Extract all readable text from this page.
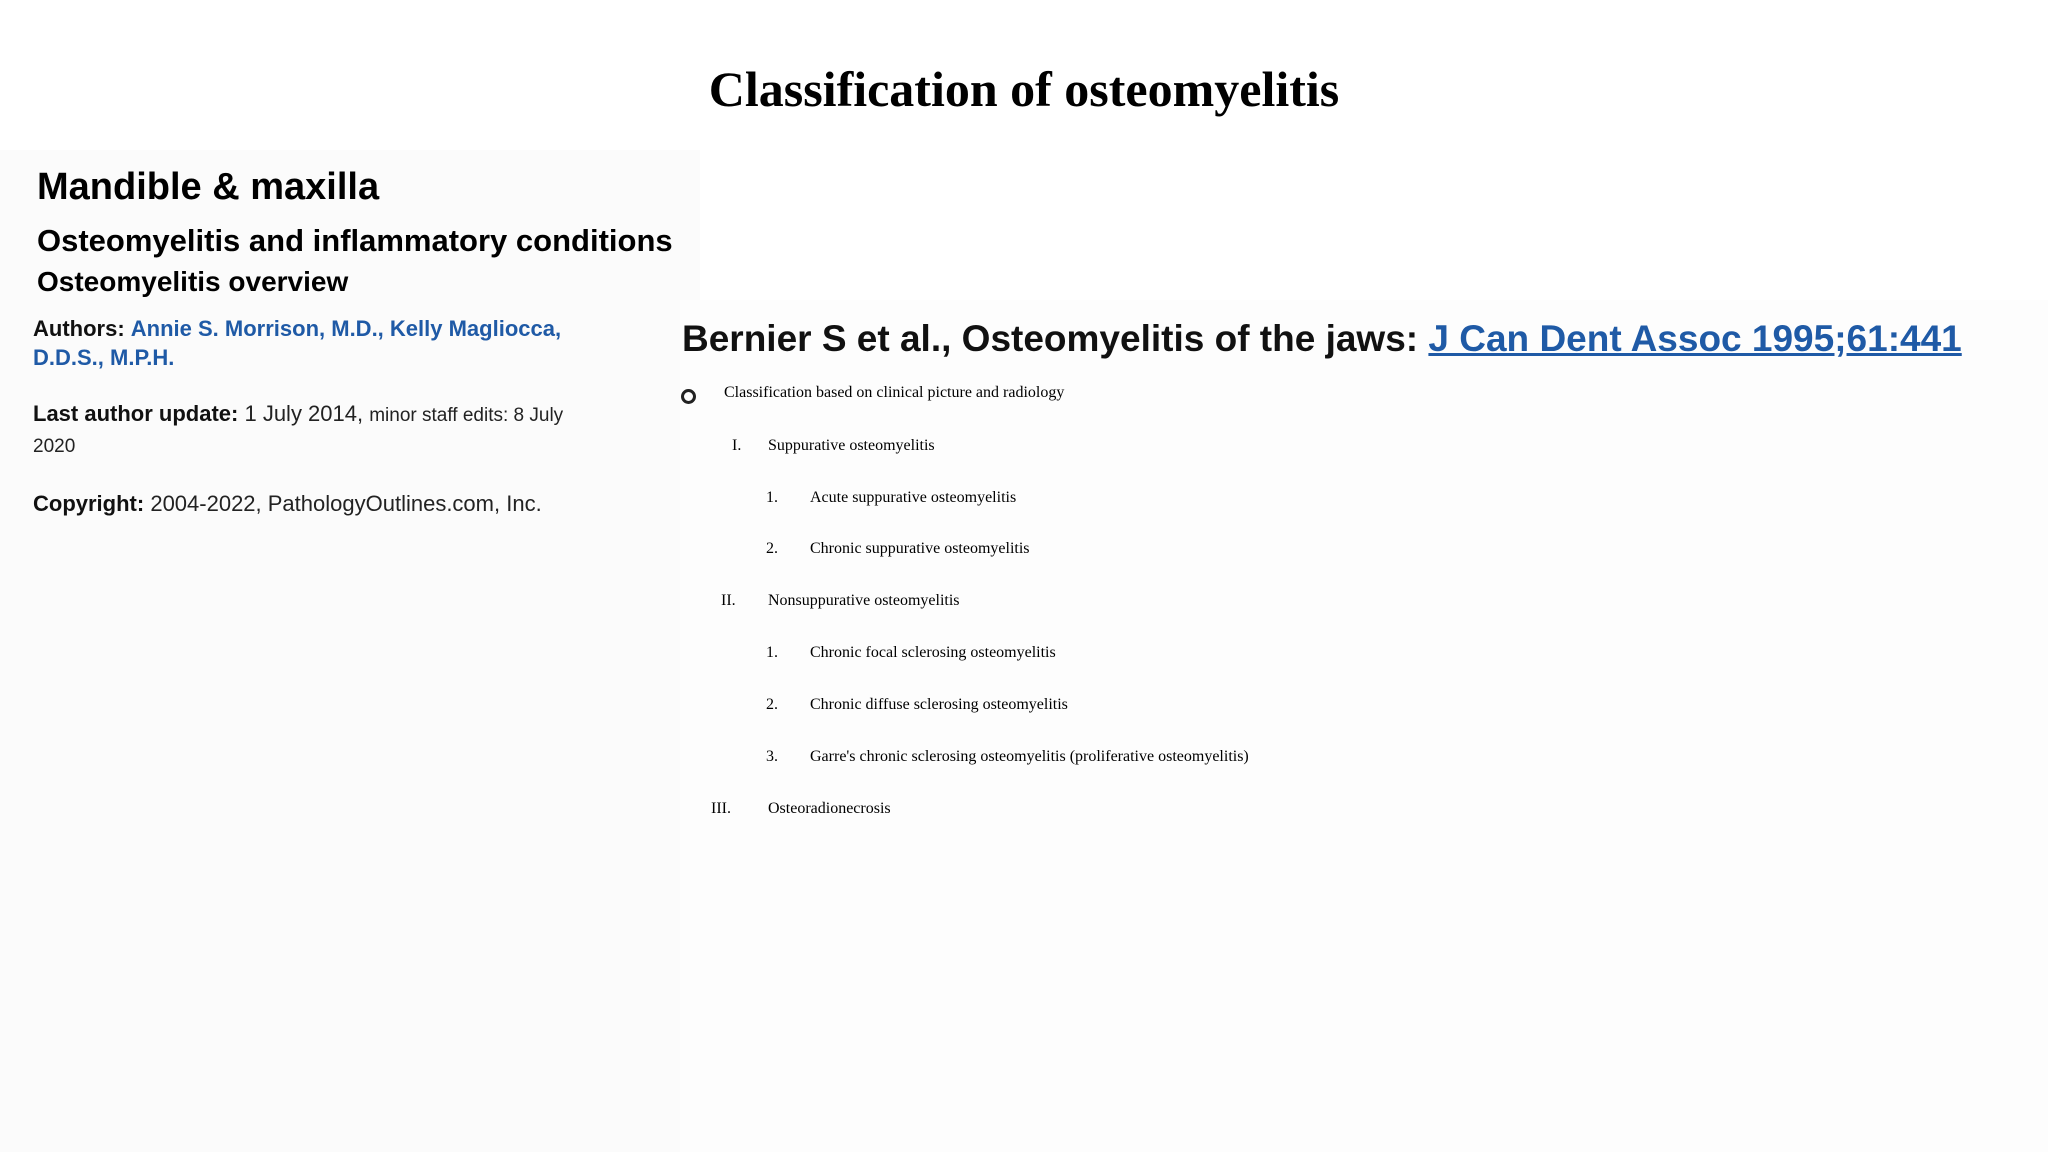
Classification of osteomyelitis
Mandible & maxilla
Osteomyelitis and inflammatory conditions
Osteomyelitis overview
Authors: Annie S. Morrison, M.D., Kelly Magliocca,
D.D.S., M.P.H.
Last author update: 1 July 2014, minor staff edits: 8 July
2020
Copyright: 2004-2022, PathologyOutlines.com, Inc.
Bernier S et al., Osteomyelitis of the jaws: J Can Dent Assoc 1995;61:441
Classification based on clinical picture and radiology
I. Suppurative osteomyelitis
1. Acute suppurative osteomyelitis
2. Chronic suppurative osteomyelitis
II. Nonsuppurative osteomyelitis
1. Chronic focal sclerosing osteomyelitis
2. Chronic diffuse sclerosing osteomyelitis
3. Garre's chronic sclerosing osteomyelitis (proliferative osteomyelitis)
III. Osteoradionecrosis
